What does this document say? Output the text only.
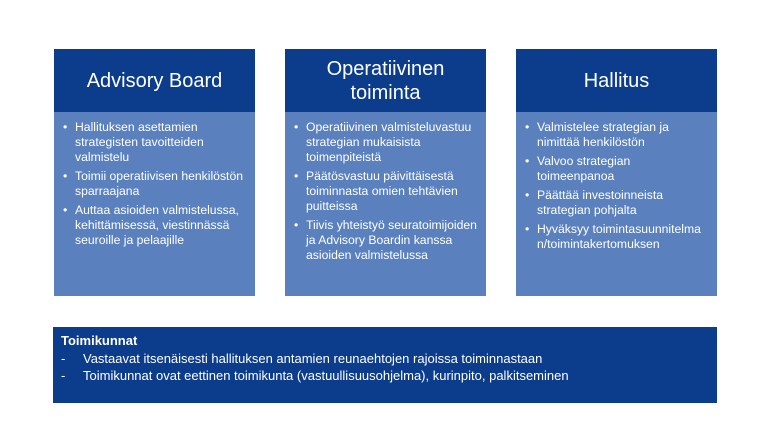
Advisory Board
• Hallituksen asettamien strategisten tavoitteiden valmistelu
• Toimii operatiivisen henkilöstön sparraajana
• Auttaa asioiden valmistelussa, kehittämisessä, viestinnässä seuroille ja pelaajille
Operatiivinen toiminta
• Operatiivinen valmisteluvastuu strategian mukaisista toimenpiteistä
• Päätösvastuu päivittäisestä toiminnasta omien tehtävien puitteissa
• Tiivis yhteistyö seuratoimijoiden ja Advisory Boardin kanssa asioiden valmistelussa
Hallitus
• Valmistelee strategian ja nimittää henkilöstön
• Valvoo strategian toimeenpanoa
• Päättää investoinneista strategian pohjalta
• Hyväksyy toimintasuunnitelman/toimintakertomuksen
Toimikunnat
- Vastaavat itsenäisesti hallituksen antamien reunaehtojen rajoissa toiminnastaan
- Toimikunnat ovat eettinen toimikunta (vastuullisuusohjelma), kurinpito, palkitseminen
